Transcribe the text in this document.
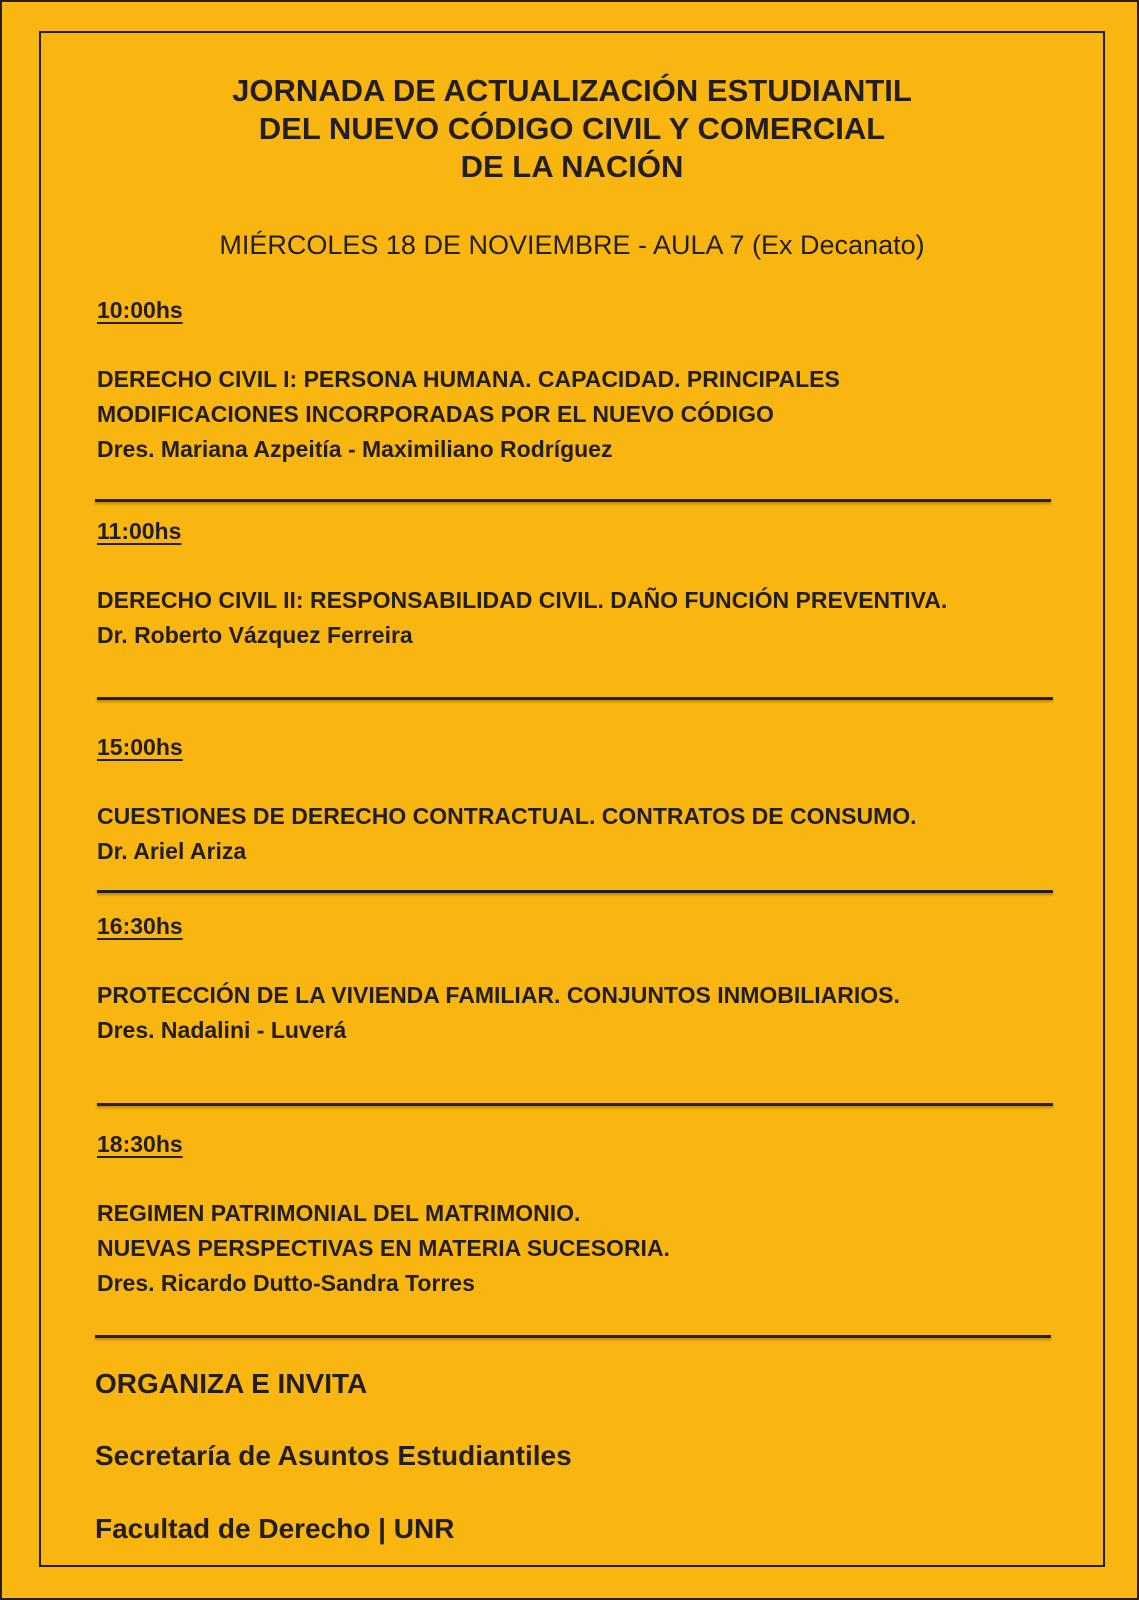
JORNADA DE ACTUALIZACIÓN ESTUDIANTIL
DEL NUEVO CÓDIGO CIVIL Y COMERCIAL
DE LA NACIÓN
MIÉRCOLES 18 DE NOVIEMBRE - AULA 7 (Ex Decanato)
10:00hs
DERECHO CIVIL I: PERSONA HUMANA. CAPACIDAD. PRINCIPALES
MODIFICACIONES INCORPORADAS POR EL NUEVO CÓDIGO
Dres. Mariana Azpeitía - Maximiliano Rodríguez
11:00hs
DERECHO CIVIL II: RESPONSABILIDAD CIVIL. DAÑO FUNCIÓN PREVENTIVA.
Dr. Roberto Vázquez Ferreira
15:00hs
CUESTIONES DE DERECHO CONTRACTUAL. CONTRATOS DE CONSUMO.
Dr. Ariel Ariza
16:30hs
PROTECCIÓN DE LA VIVIENDA FAMILIAR. CONJUNTOS INMOBILIARIOS.
Dres. Nadalini - Luverá
18:30hs
REGIMEN PATRIMONIAL DEL MATRIMONIO.
NUEVAS PERSPECTIVAS EN MATERIA SUCESORIA.
Dres. Ricardo Dutto-Sandra Torres
ORGANIZA E INVITA
Secretaría de Asuntos Estudiantiles
Facultad de Derecho | UNR
